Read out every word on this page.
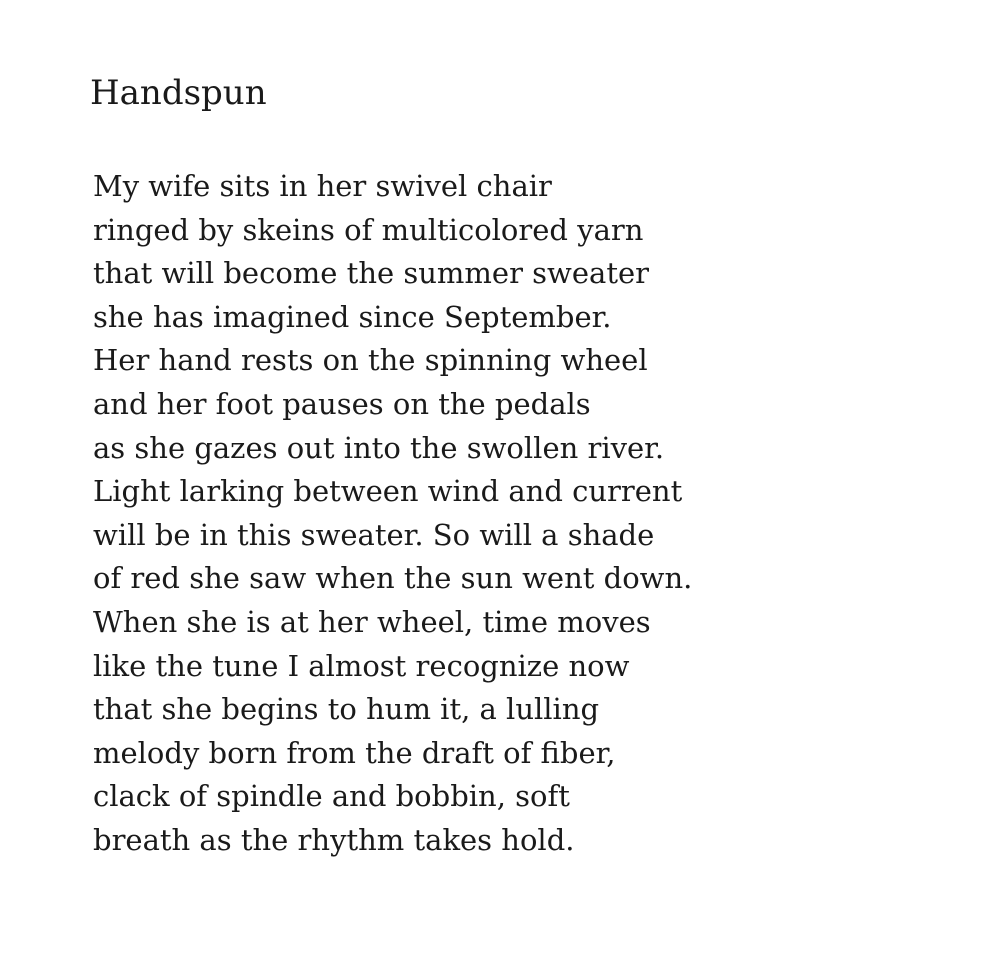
Handspun
My wife sits in her swivel chair
ringed by skeins of multicolored yarn
that will become the summer sweater
she has imagined since September.
Her hand rests on the spinning wheel
and her foot pauses on the pedals
as she gazes out into the swollen river.
Light larking between wind and current
will be in this sweater. So will a shade
of red she saw when the sun went down.
When she is at her wheel, time moves
like the tune I almost recognize now
that she begins to hum it, a lulling
melody born from the draft of fiber,
clack of spindle and bobbin, soft
breath as the rhythm takes hold.
